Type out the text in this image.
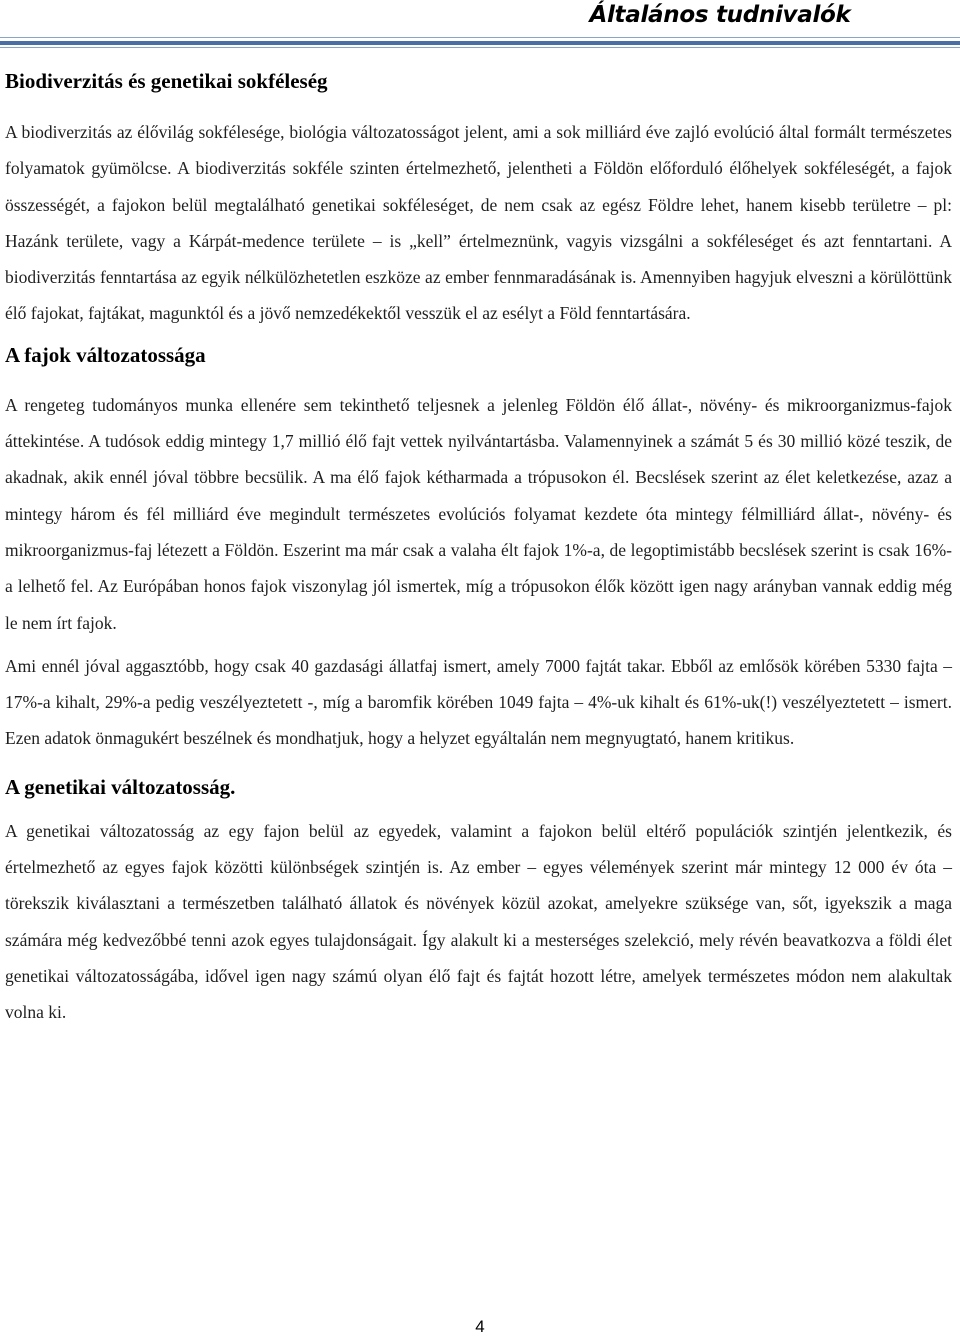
Általános tudnivalók
Biodiverzitás és genetikai sokféleség

A biodiverzitás az élővilág sokfélesége, biológia változatosságot jelent, ami a sok milliárd éve zajló evolúció által formált természetes folyamatok gyümölcse. A biodiverzitás sokféle szinten értelmezhető, jelentheti a Földön előforduló élőhelyek sokféleségét, a fajok összességét, a fajokon belül megtalálható genetikai sokféleséget, de nem csak az egész Földre lehet, hanem kisebb területre – pl: Hazánk területe, vagy a Kárpát-medence területe – is „kell” értelmeznünk, vagyis vizsgálni a sokféleséget és azt fenntartani. A biodiverzitás fenntartása az egyik nélkülözhetetlen eszköze az ember fennmaradásának is. Amennyiben hagyjuk elveszni a körülöttünk élő fajokat, fajtákat, magunktól és a jövő nemzedékektől vesszük el az esélyt a Föld fenntartására.

A fajok változatossága

A rengeteg tudományos munka ellenére sem tekinthető teljesnek a jelenleg Földön élő állat-, növény- és mikroorganizmus-fajok áttekintése. A tudósok eddig mintegy 1,7 millió élő fajt vettek nyilvántartásba. Valamennyinek a számát 5 és 30 millió közé teszik, de akadnak, akik ennél jóval többre becsülik. A ma élő fajok kétharmada a trópusokon él. Becslések szerint az élet keletkezése, azaz a mintegy három és fél milliárd éve megindult természetes evolúciós folyamat kezdete óta mintegy félmilliárd állat-, növény- és mikroorganizmus-faj létezett a Földön. Eszerint ma már csak a valaha élt fajok 1%-a, de legoptimistább becslések szerint is csak 16%-a lelhető fel. Az Európában honos fajok viszonylag jól ismertek, míg a trópusokon élők között igen nagy arányban vannak eddig még le nem írt fajok.

Ami ennél jóval aggasztóbb, hogy csak 40 gazdasági állatfaj ismert, amely 7000 fajtát takar. Ebből az emlősök körében 5330 fajta – 17%-a kihalt, 29%-a pedig veszélyeztetett -, míg a baromfik körében 1049 fajta – 4%-uk kihalt és 61%-uk(!) veszélyeztetett – ismert. Ezen adatok önmagukért beszélnek és mondhatjuk, hogy a helyzet egyáltalán nem megnyugtató, hanem kritikus.

A genetikai változatosság.

A genetikai változatosság az egy fajon belül az egyedek, valamint a fajokon belül eltérő populációk szintjén jelentkezik, és értelmezhető az egyes fajok közötti különbségek szintjén is. Az ember – egyes vélemények szerint már mintegy 12 000 év óta – törekszik kiválasztani a természetben található állatok és növények közül azokat, amelyekre szüksége van, sőt, igyekszik a maga számára még kedvezőbbé tenni azok egyes tulajdonságait. Így alakult ki a mesterséges szelekció, mely révén beavatkozva a földi élet genetikai változatosságába, idővel igen nagy számú olyan élő fajt és fajtát hozott létre, amelyek természetes módon nem alakultak volna ki.

4
